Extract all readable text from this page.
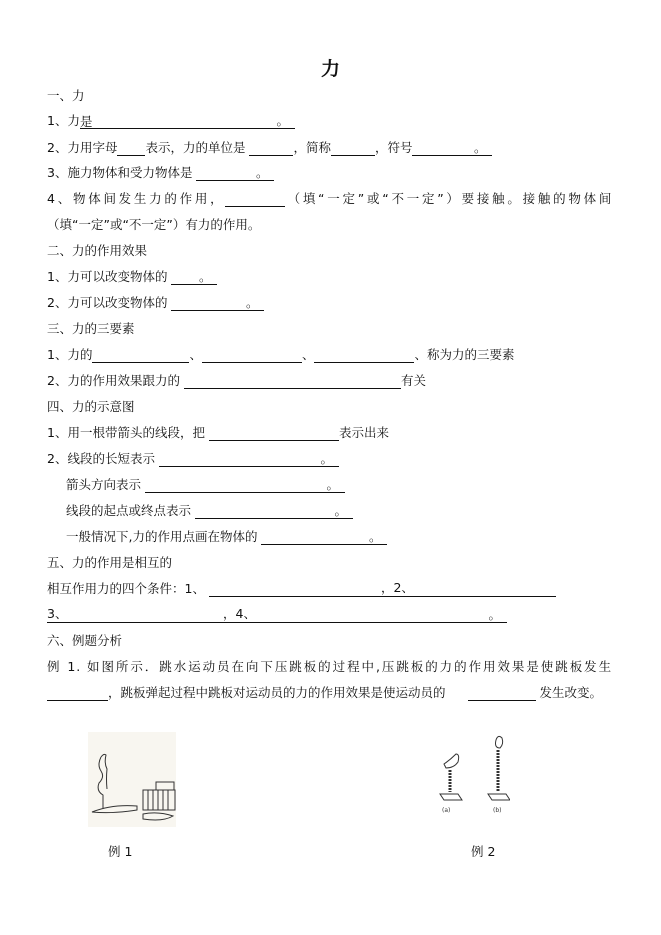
力
一、力
1、力是	。
2、力用字母 表示，力的单位是	，简称	，符号	。
3、施力物体和受力物体是	。
4、物体间发生力的作用，	（填“一定”或“不一定”）要接触。接触的物体间
（填“一定”或“不一定”）有力的作用。
二、力的作用效果
1、力可以改变物体的	。
2、力可以改变物体的	。
三、力的三要素
1、力的	、	、	、称为力的三要素
2、力的作用效果跟力的	有关
四、力的示意图
1、用一根带箭头的线段，把	表示出来
2、线段的长短表示	。
箭头方向表示	。
线段的起点或终点表示	。
一般情况下,力的作用点画在物体的	。
五、力的作用是相互的
相互作用力的四个条件：1、	，2、
3、	，4、	。
六、例题分析
例 1. 如图所示．跳水运动员在向下压跳板的过程中,压跳板的力的作用效果是使跳板发生
，跳板弹起过程中跳板对运动员的力的作用效果是使运动员的	发生改变。
(a)	(b)
例 1	例 2
